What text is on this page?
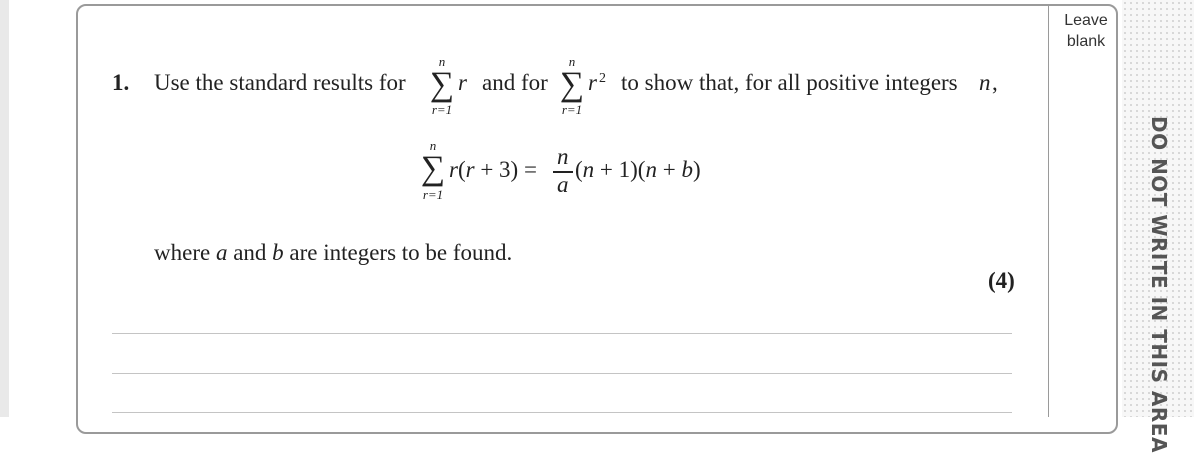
Leave
blank
DO NOT WRITE IN THIS AREA
1. Use the standard results for
n
∑
r=1
r and for
n
∑
r=1
r 2 to show that, for all positive integers n ,
n
∑
r=1
r(r + 3) =
n
a
(n + 1)(n + b)
where a and b are integers to be found.
(4)
